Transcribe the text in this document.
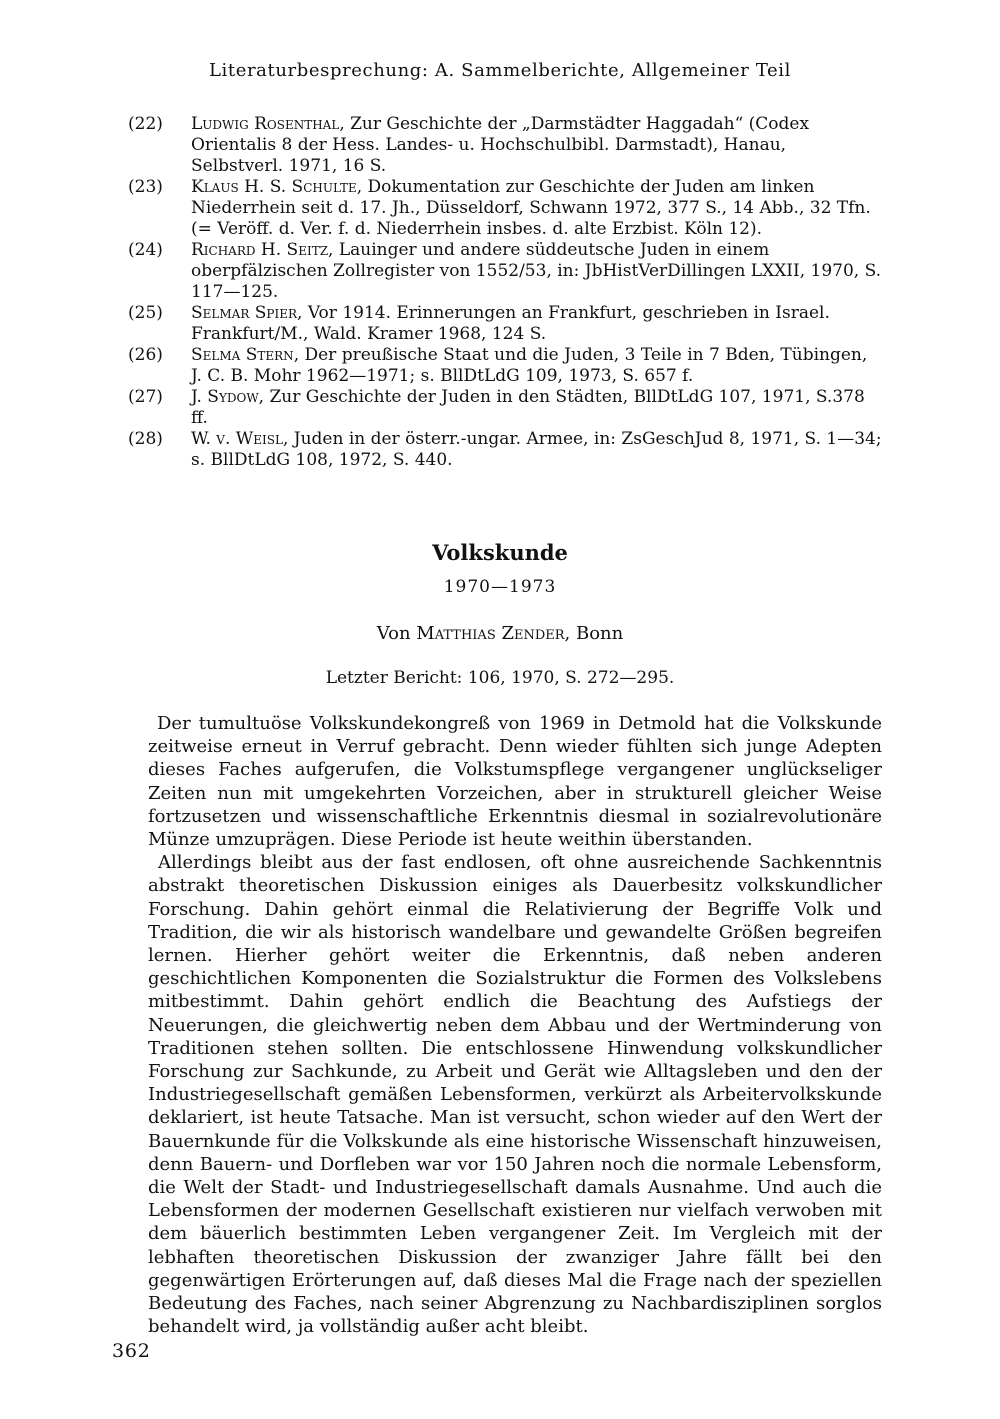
Literaturbesprechung: A. Sammelberichte, Allgemeiner Teil
(22) Ludwig Rosenthal, Zur Geschichte der „Darmstädter Haggadah“ (Codex Orientalis 8 der Hess. Landes- u. Hochschulbibl. Darmstadt), Hanau, Selbstverl. 1971, 16 S.
(23) Klaus H. S. Schulte, Dokumentation zur Geschichte der Juden am linken Niederrhein seit d. 17. Jh., Düsseldorf, Schwann 1972, 377 S., 14 Abb., 32 Tfn. (= Veröff. d. Ver. f. d. Niederrhein insbes. d. alte Erzbist. Köln 12).
(24) Richard H. Seitz, Lauinger und andere süddeutsche Juden in einem oberpfälzischen Zollregister von 1552/53, in: JbHistVerDillingen LXXII, 1970, S. 117—125.
(25) Selmar Spier, Vor 1914. Erinnerungen an Frankfurt, geschrieben in Israel. Frankfurt/M., Wald. Kramer 1968, 124 S.
(26) Selma Stern, Der preußische Staat und die Juden, 3 Teile in 7 Bden, Tübingen, J. C. B. Mohr 1962—1971; s. BllDtLdG 109, 1973, S. 657 f.
(27) J. Sydow, Zur Geschichte der Juden in den Städten, BllDtLdG 107, 1971, S.378 ff.
(28) W. v. Weisl, Juden in der österr.-ungar. Armee, in: ZsGeschJud 8, 1971, S. 1—34; s. BllDtLdG 108, 1972, S. 440.
Volkskunde
1970—1973
Von Matthias Zender, Bonn
Letzter Bericht: 106, 1970, S. 272—295.

Der tumultuöse Volkskundekongreß von 1969 in Detmold hat die Volkskunde zeitweise erneut in Verruf gebracht. Denn wieder fühlten sich junge Adepten dieses Faches aufgerufen, die Volkstumspflege vergangener unglückseliger Zeiten nun mit umgekehrten Vorzeichen, aber in strukturell gleicher Weise fortzusetzen und wissenschaftliche Erkenntnis diesmal in sozialrevolutionäre Münze umzuprägen. Diese Periode ist heute weithin überstanden.

Allerdings bleibt aus der fast endlosen, oft ohne ausreichende Sachkenntnis abstrakt theoretischen Diskussion einiges als Dauerbesitz volkskundlicher Forschung. Dahin gehört einmal die Relativierung der Begriffe Volk und Tradition, die wir als historisch wandelbare und gewandelte Größen begreifen lernen. Hierher gehört weiter die Erkenntnis, daß neben anderen geschichtlichen Komponenten die Sozialstruktur die Formen des Volkslebens mitbestimmt. Dahin gehört endlich die Beachtung des Aufstiegs der Neuerungen, die gleichwertig neben dem Abbau und der Wertminderung von Traditionen stehen sollten. Die entschlossene Hinwendung volkskundlicher Forschung zur Sachkunde, zu Arbeit und Gerät wie Alltagsleben und den der Industriegesellschaft gemäßen Lebensformen, verkürzt als Arbeitervolkskunde deklariert, ist heute Tatsache. Man ist versucht, schon wieder auf den Wert der Bauernkunde für die Volkskunde als eine historische Wissenschaft hinzuweisen, denn Bauern- und Dorfleben war vor 150 Jahren noch die normale Lebensform, die Welt der Stadt- und Industriegesellschaft damals Ausnahme. Und auch die Lebensformen der modernen Gesellschaft existieren nur vielfach verwoben mit dem bäuerlich bestimmten Leben vergangener Zeit. Im Vergleich mit der lebhaften theoretischen Diskussion der zwanziger Jahre fällt bei den gegenwärtigen Erörterungen auf, daß dieses Mal die Frage nach der speziellen Bedeutung des Faches, nach seiner Abgrenzung zu Nachbardisziplinen sorglos behandelt wird, ja vollständig außer acht bleibt.

362
